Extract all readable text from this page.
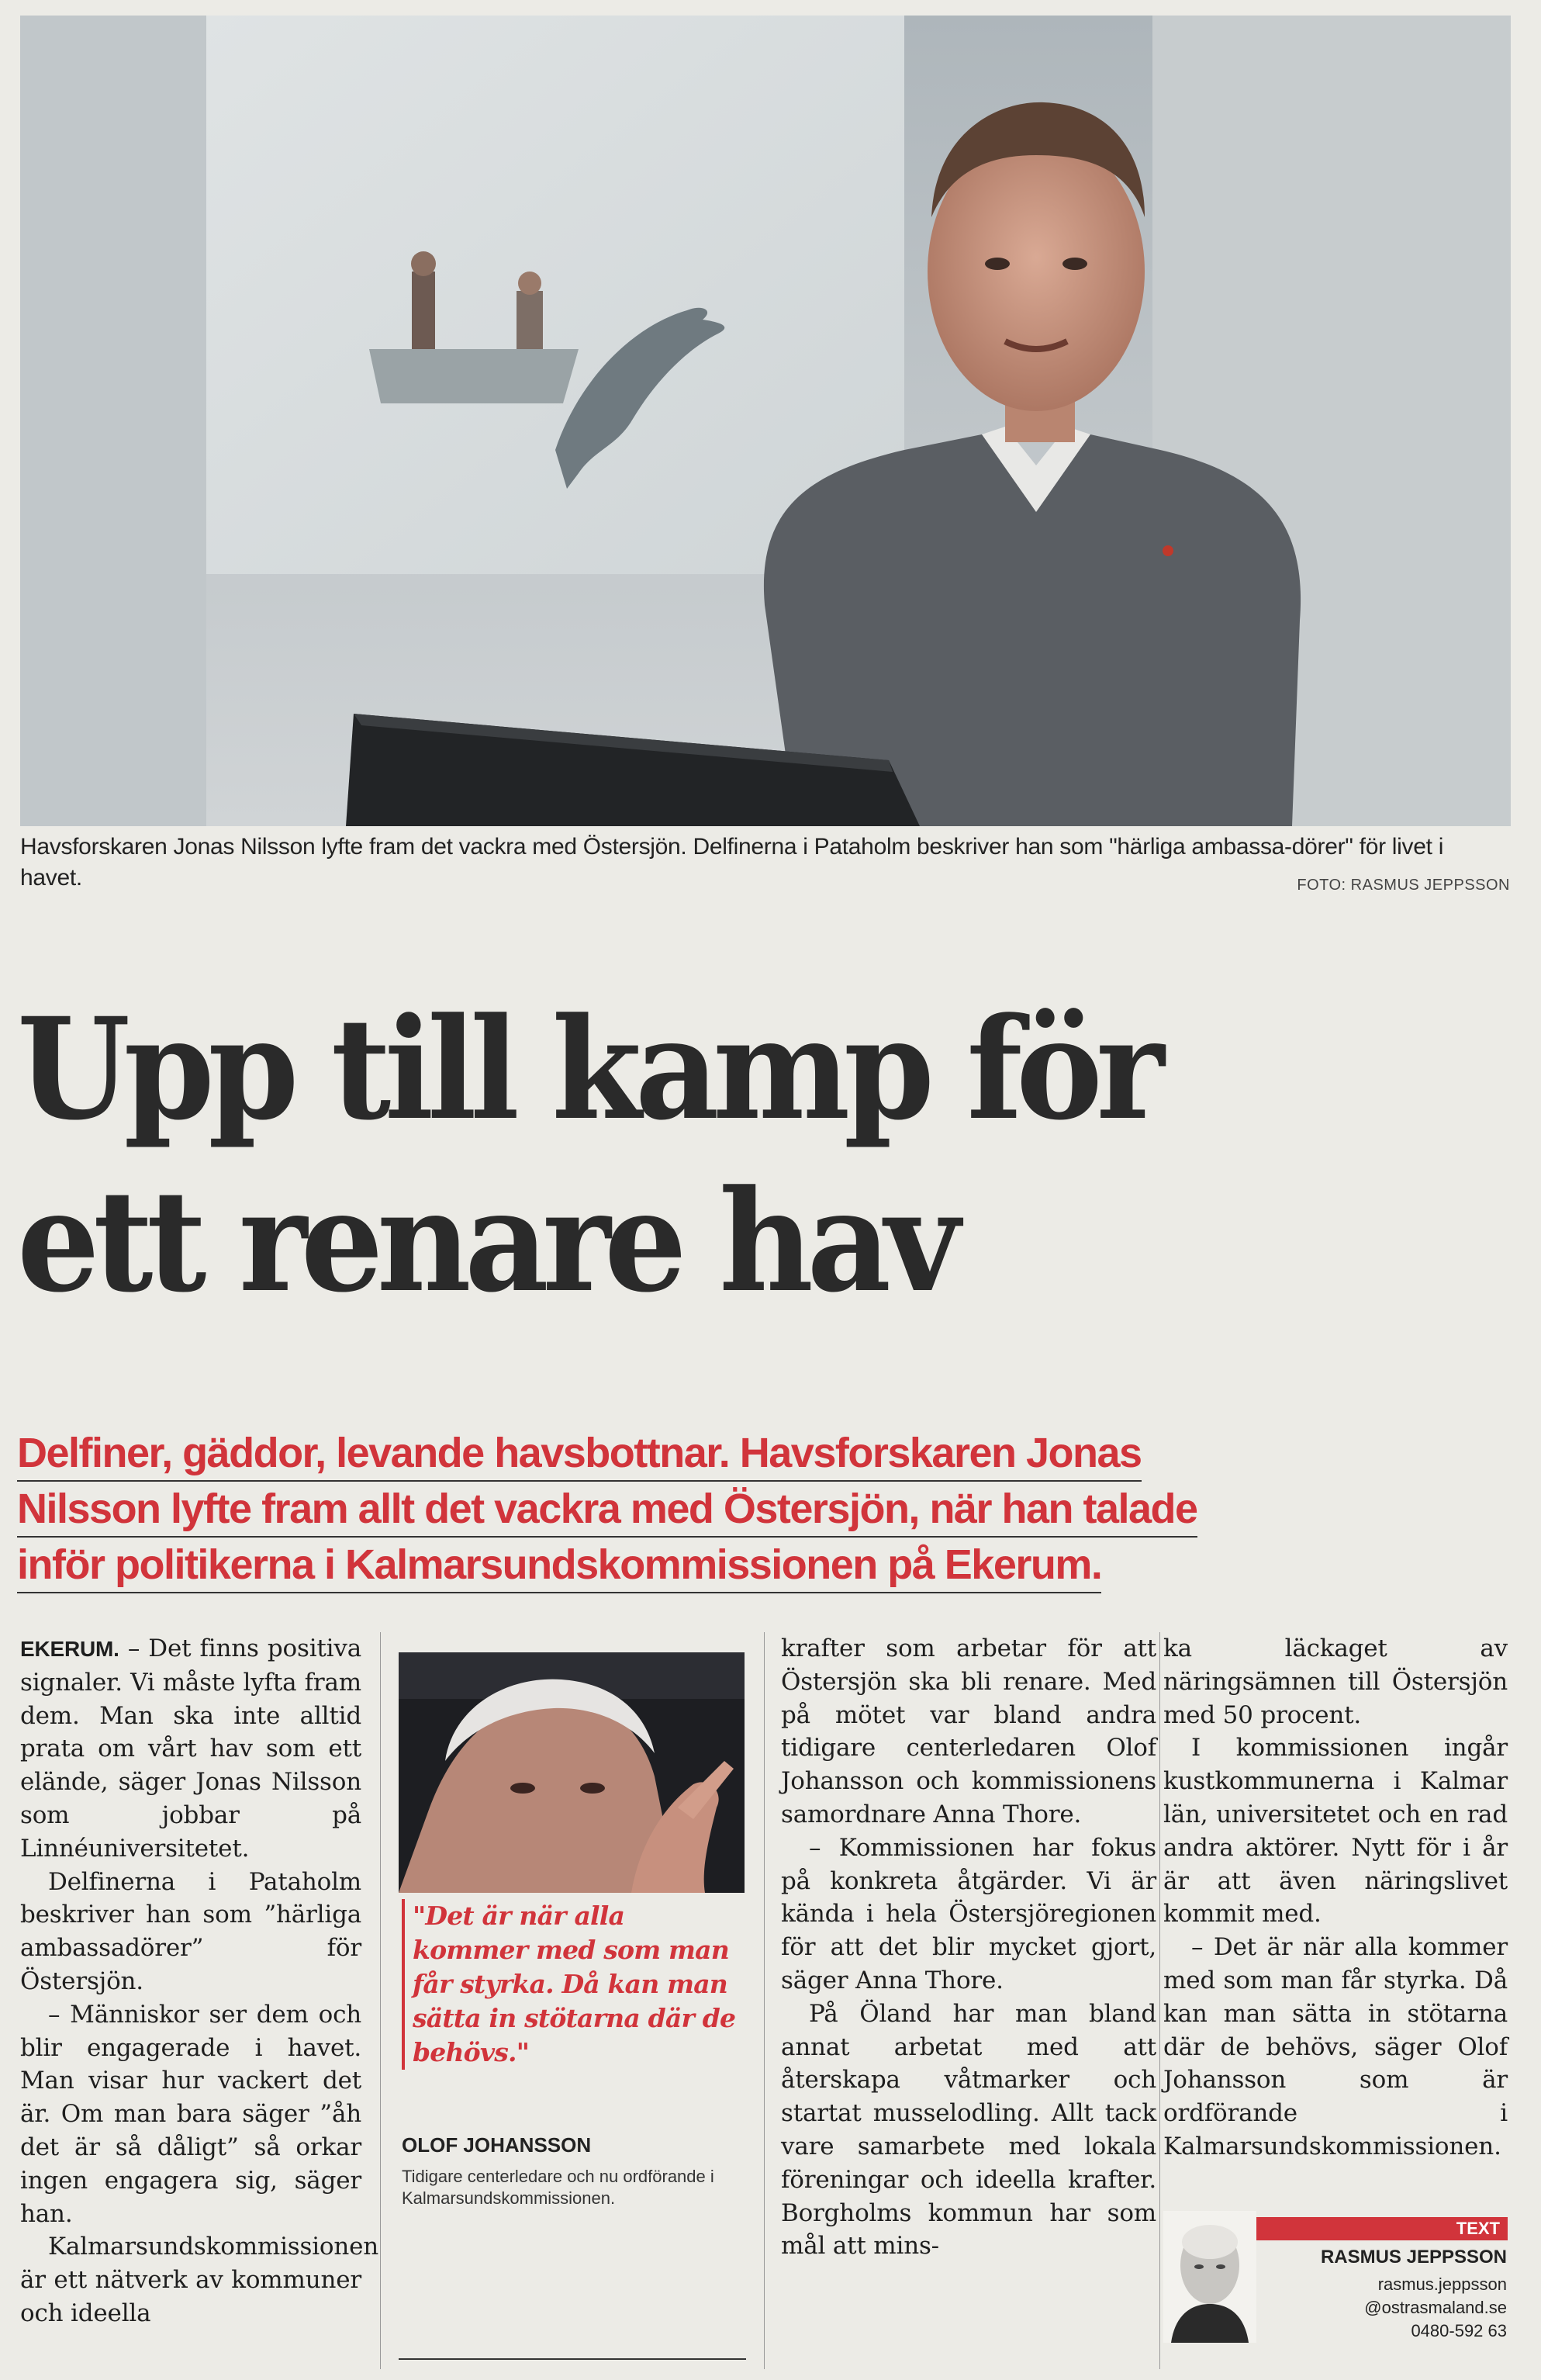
Havsforskaren Jonas Nilsson lyfte fram det vackra med Östersjön. Delfinerna i Pataholm beskriver han som "härliga ambassa-dörer" för livet i havet.	FOTO: RASMUS JEPPSSON
Upp till kamp för
ett renare hav
Delfiner, gäddor, levande havsbottnar. Havsforskaren Jonas
Nilsson lyfte fram allt det vackra med Östersjön, när han talade
inför politikerna i Kalmarsundskommissionen på Ekerum.

EKERUM. – Det finns positiva signaler. Vi måste lyfta fram dem. Man ska inte alltid prata om vårt hav som ett elände, säger Jonas Nilsson som jobbar på Linnéuniversitetet.

Delfinerna i Pataholm beskriver han som ”härliga ambassadörer” för Östersjön.

– Människor ser dem och blir engagerade i havet. Man visar hur vackert det är. Om man bara säger ”åh det är så dåligt” så orkar ingen engagera sig, säger han.

Kalmarsundskommissionen är ett nätverk av kommuner och ideella

"Det är när alla kommer med som man får styrka. Då kan man sätta in stötarna där de behövs."
OLOF JOHANSSON
Tidigare centerledare och nu ordförande i Kalmarsundskommissionen.

krafter som arbetar för att Östersjön ska bli renare. Med på mötet var bland andra tidigare centerledaren Olof Johansson och kommissionens samordnare Anna Thore.

– Kommissionen har fokus på konkreta åtgärder. Vi är kända i hela Östersjöregionen för att det blir mycket gjort, säger Anna Thore.

På Öland har man bland annat arbetat med att återskapa våtmarker och startat musselodling. Allt tack vare samarbete med lokala föreningar och ideella krafter. Borgholms kommun har som mål att mins-

ka läckaget av näringsämnen till Östersjön med 50 procent.

I kommissionen ingår kustkommunerna i Kalmar län, universitetet och en rad andra aktörer. Nytt för i år är att även näringslivet kommit med.

– Det är när alla kommer med som man får styrka. Då kan man sätta in stötarna där de behövs, säger Olof Johansson som är ordförande i Kalmarsundskommissionen.

TEXT
RASMUS JEPPSSON
rasmus.jeppsson
@ostrasmaland.se
0480-592 63
